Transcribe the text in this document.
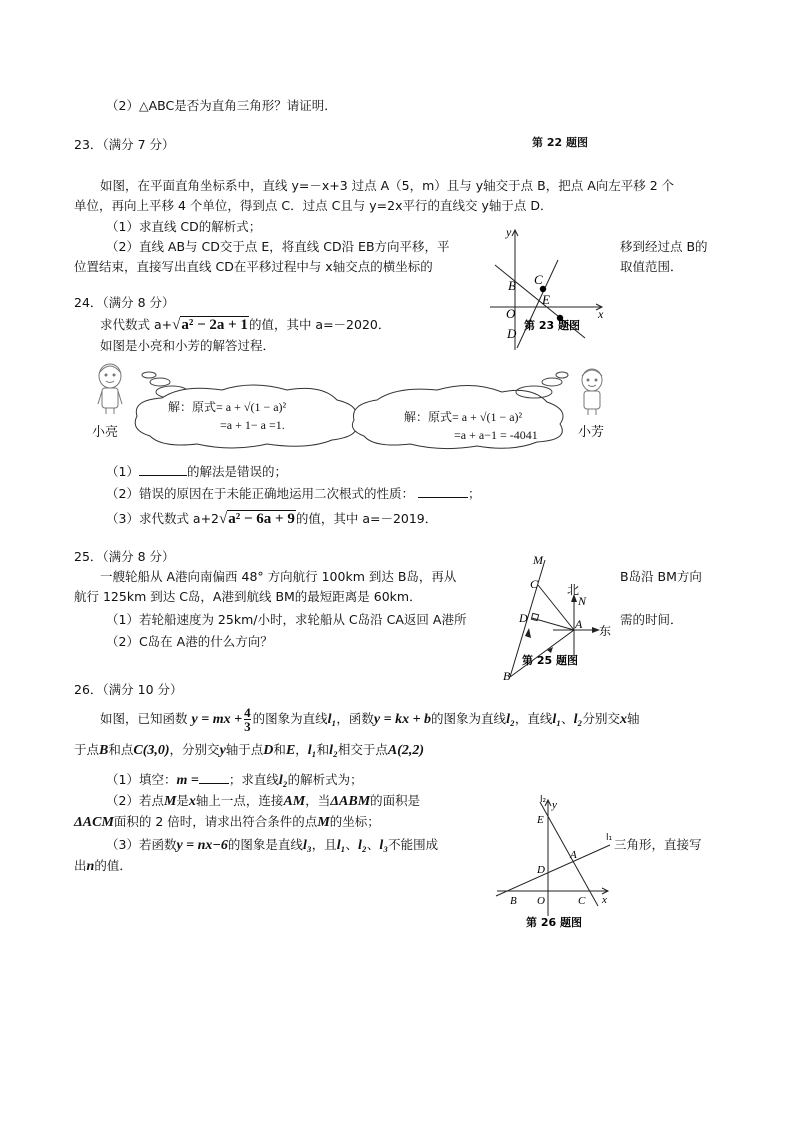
（2）△ABC是否为直角三角形？请证明．
第 22 题图
23．（满分 7 分）
如图，在平面直角坐标系中，直线 y=－x+3 过点 A（5，m）且与 y轴交于点 B，把点 A向左平移 2 个
单位，再向上平移 4 个单位，得到点 C．过点 C且与 y=2x平行的直线交 y轴于点 D．
（1）求直线 CD的解析式；
（2）直线 AB与 CD交于点 E，将直线 CD沿 EB方向平移，平	移到经过点 B的
位置结束，直接写出直线 CD在平移过程中与 x轴交点的横坐标的	取值范围．
y
x
B C
E
O
D
第 23 题图
24．（满分 8 分）
求代数式 a+√a² − 2a + 1的值，其中 a=－2020．
如图是小亮和小芳的解答过程．
小亮	小芳
解：原式= a + √(1 − a)²
=a + 1− a =1.
解：原式= a + √(1 − a)²
=a + a−1 = -4041
（1）	的解法是错误的；
（2）错误的原因在于未能正确地运用二次根式的性质：	；
（3）求代数式 a+2√a² − 6a + 9的值，其中 a=－2019．
25．（满分 8 分）
一艘轮船从 A港向南偏西 48° 方向航行 100km 到达 B岛，再从	B岛沿 BM方向
航行 125km 到达 C岛，A港到航线 BM的最短距离是 60km．
（1）若轮船速度为 25km/小时，求轮船从 C岛沿 CA返回 A港所	需的时间．
（2）C岛在 A港的什么方向？
M
C
D	A
N
北
东
B
第 25 题图
26．（满分 10 分）
如图，已知函数 y = mx + $\frac{4}{3}$ 的图象为直线l₁，函数y = kx + b的图象为直线l₂，直线l₁、l₂分别交x轴
于点B和点C(3,0)，分别交y轴于点D和E，l₁和l₂相交于点A(2,2)
（1）填空：m = ；求直线l₂的解析式为；
（2）若点M是x轴上一点，连接AM，当ΔABM的面积是
ΔACM面积的 2 倍时，请求出符合条件的点M的坐标；
（3）若函数y = nx−6的图象是直线l₃，且l₁、l₂、l₃不能围成	三角形，直接写
出n的值．
l₂ y
E
l₁
A
D
B O	C x
第 26 题图
